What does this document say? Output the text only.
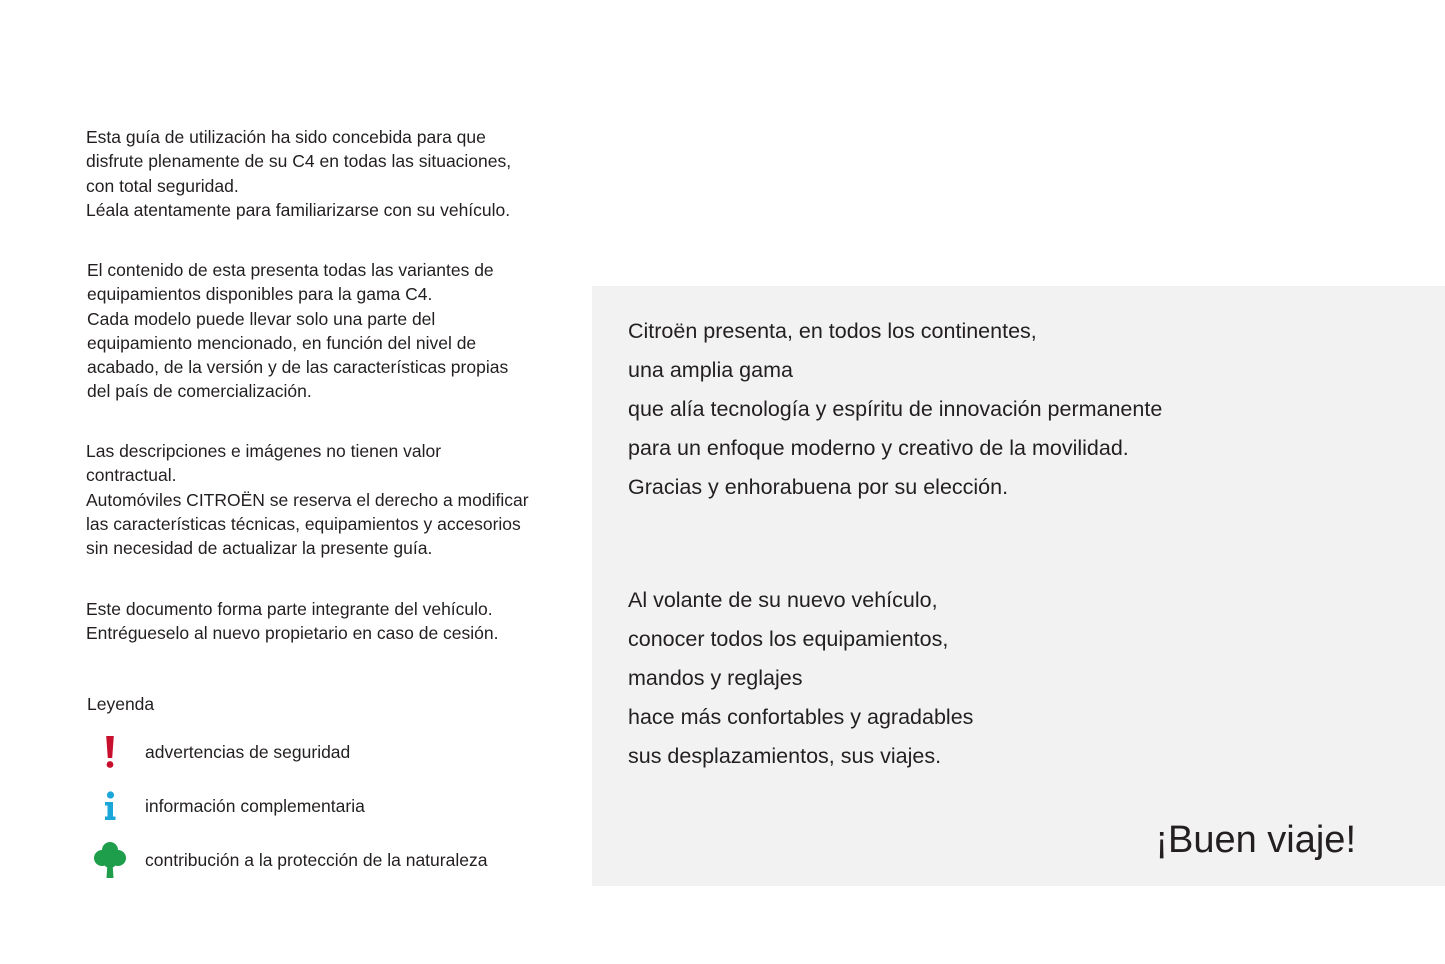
Esta guía de utilización ha sido concebida para que
disfrute plenamente de su C4 en todas las situaciones,
con total seguridad.
Léala atentamente para familiarizarse con su vehículo.
El contenido de esta presenta todas las variantes de
equipamientos disponibles para la gama C4.
Cada modelo puede llevar solo una parte del
equipamiento mencionado, en función del nivel de
acabado, de la versión y de las características propias
del país de comercialización.
Las descripciones e imágenes no tienen valor
contractual.
Automóviles CITROËN se reserva el derecho a modificar
las características técnicas, equipamientos y accesorios
sin necesidad de actualizar la presente guía.
Este documento forma parte integrante del vehículo.
Entrégueselo al nuevo propietario en caso de cesión.
Leyenda
advertencias de seguridad
información complementaria
contribución a la protección de la naturaleza
Citroën presenta, en todos los continentes,
una amplia gama
que alía tecnología y espíritu de innovación permanente
para un enfoque moderno y creativo de la movilidad.
Gracias y enhorabuena por su elección.
Al volante de su nuevo vehículo,
conocer todos los equipamientos,
mandos y reglajes
hace más confortables y agradables
sus desplazamientos, sus viajes.
¡Buen viaje!
